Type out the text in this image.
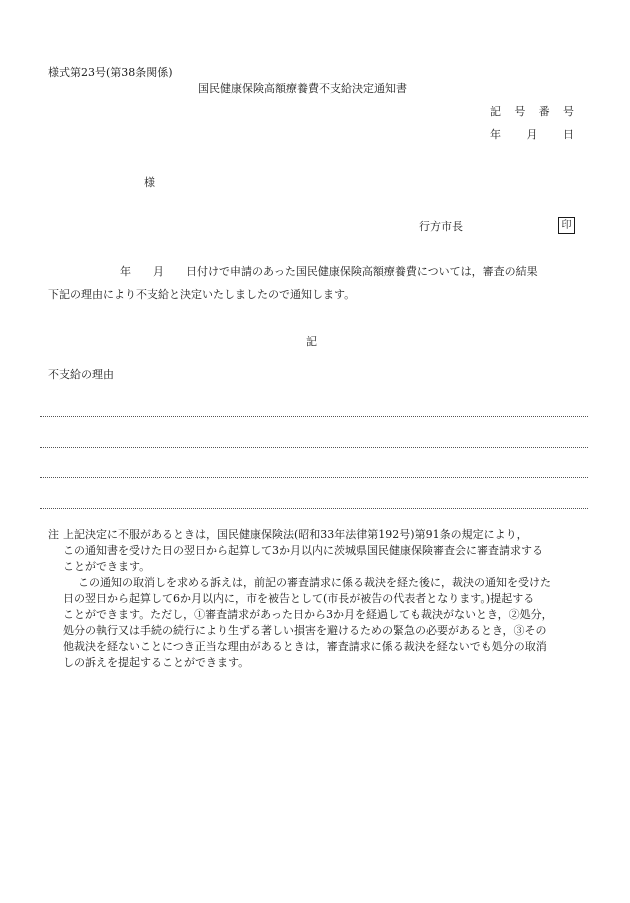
様式第23号(第38条関係)
国民健康保険高額療養費不支給決定通知書
記 号 番 号
年 月 日
様
行方市長	印
年 月 日付けで申請のあった国民健康保険高額療養費については，審査の結果
下記の理由により不支給と決定いたしましたので通知します。
記
不支給の理由

注 上記決定に不服があるときは，国民健康保険法(昭和33年法律第192号)第91条の規定により，

この通知書を受けた日の翌日から起算して3か月以内に茨城県国民健康保険審査会に審査請求する

ことができます。

この通知の取消しを求める訴えは，前記の審査請求に係る裁決を経た後に，裁決の通知を受けた

日の翌日から起算して6か月以内に，市を被告として(市長が被告の代表者となります。)提起する

ことができます。ただし，①審査請求があった日から3か月を経過しても裁決がないとき，②処分，

処分の執行又は手続の続行により生ずる著しい損害を避けるための緊急の必要があるとき，③その

他裁決を経ないことにつき正当な理由があるときは，審査請求に係る裁決を経ないでも処分の取消

しの訴えを提起することができます。
